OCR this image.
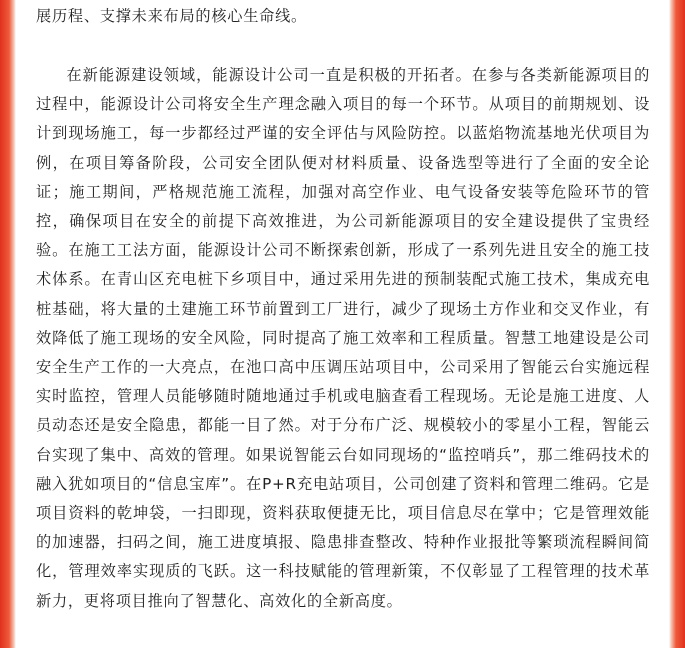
展历程、支撑未来布局的核心生命线。

在新能源建设领域，能源设计公司一直是积极的开拓者。在参与各类新能源项目的过程中，能源设计公司将安全生产理念融入项目的每一个环节。从项目的前期规划、设计到现场施工，每一步都经过严谨的安全评估与风险防控。以蓝焰物流基地光伏项目为例，在项目筹备阶段，公司安全团队便对材料质量、设备选型等进行了全面的安全论证；施工期间，严格规范施工流程，加强对高空作业、电气设备安装等危险环节的管控，确保项目在安全的前提下高效推进，为公司新能源项目的安全建设提供了宝贵经验。在施工工法方面，能源设计公司不断探索创新，形成了一系列先进且安全的施工技术体系。在青山区充电桩下乡项目中，通过采用先进的预制装配式施工技术，集成充电桩基础，将大量的土建施工环节前置到工厂进行，减少了现场土方作业和交叉作业，有效降低了施工现场的安全风险，同时提高了施工效率和工程质量。智慧工地建设是公司安全生产工作的一大亮点，在池口高中压调压站项目中，公司采用了智能云台实施远程实时监控，管理人员能够随时随地通过手机或电脑查看工程现场。无论是施工进度、人员动态还是安全隐患，都能一目了然。对于分布广泛、规模较小的零星小工程，智能云台实现了集中、高效的管理。如果说智能云台如同现场的“监控哨兵”，那二维码技术的融入犹如项目的“信息宝库”。在P+R充电站项目，公司创建了资料和管理二维码。它是项目资料的乾坤袋，一扫即现，资料获取便捷无比，项目信息尽在掌中；它是管理效能的加速器，扫码之间，施工进度填报、隐患排查整改、特种作业报批等繁琐流程瞬间简化，管理效率实现质的飞跃。这一科技赋能的管理新策，不仅彰显了工程管理的技术革新力，更将项目推向了智慧化、高效化的全新高度。
